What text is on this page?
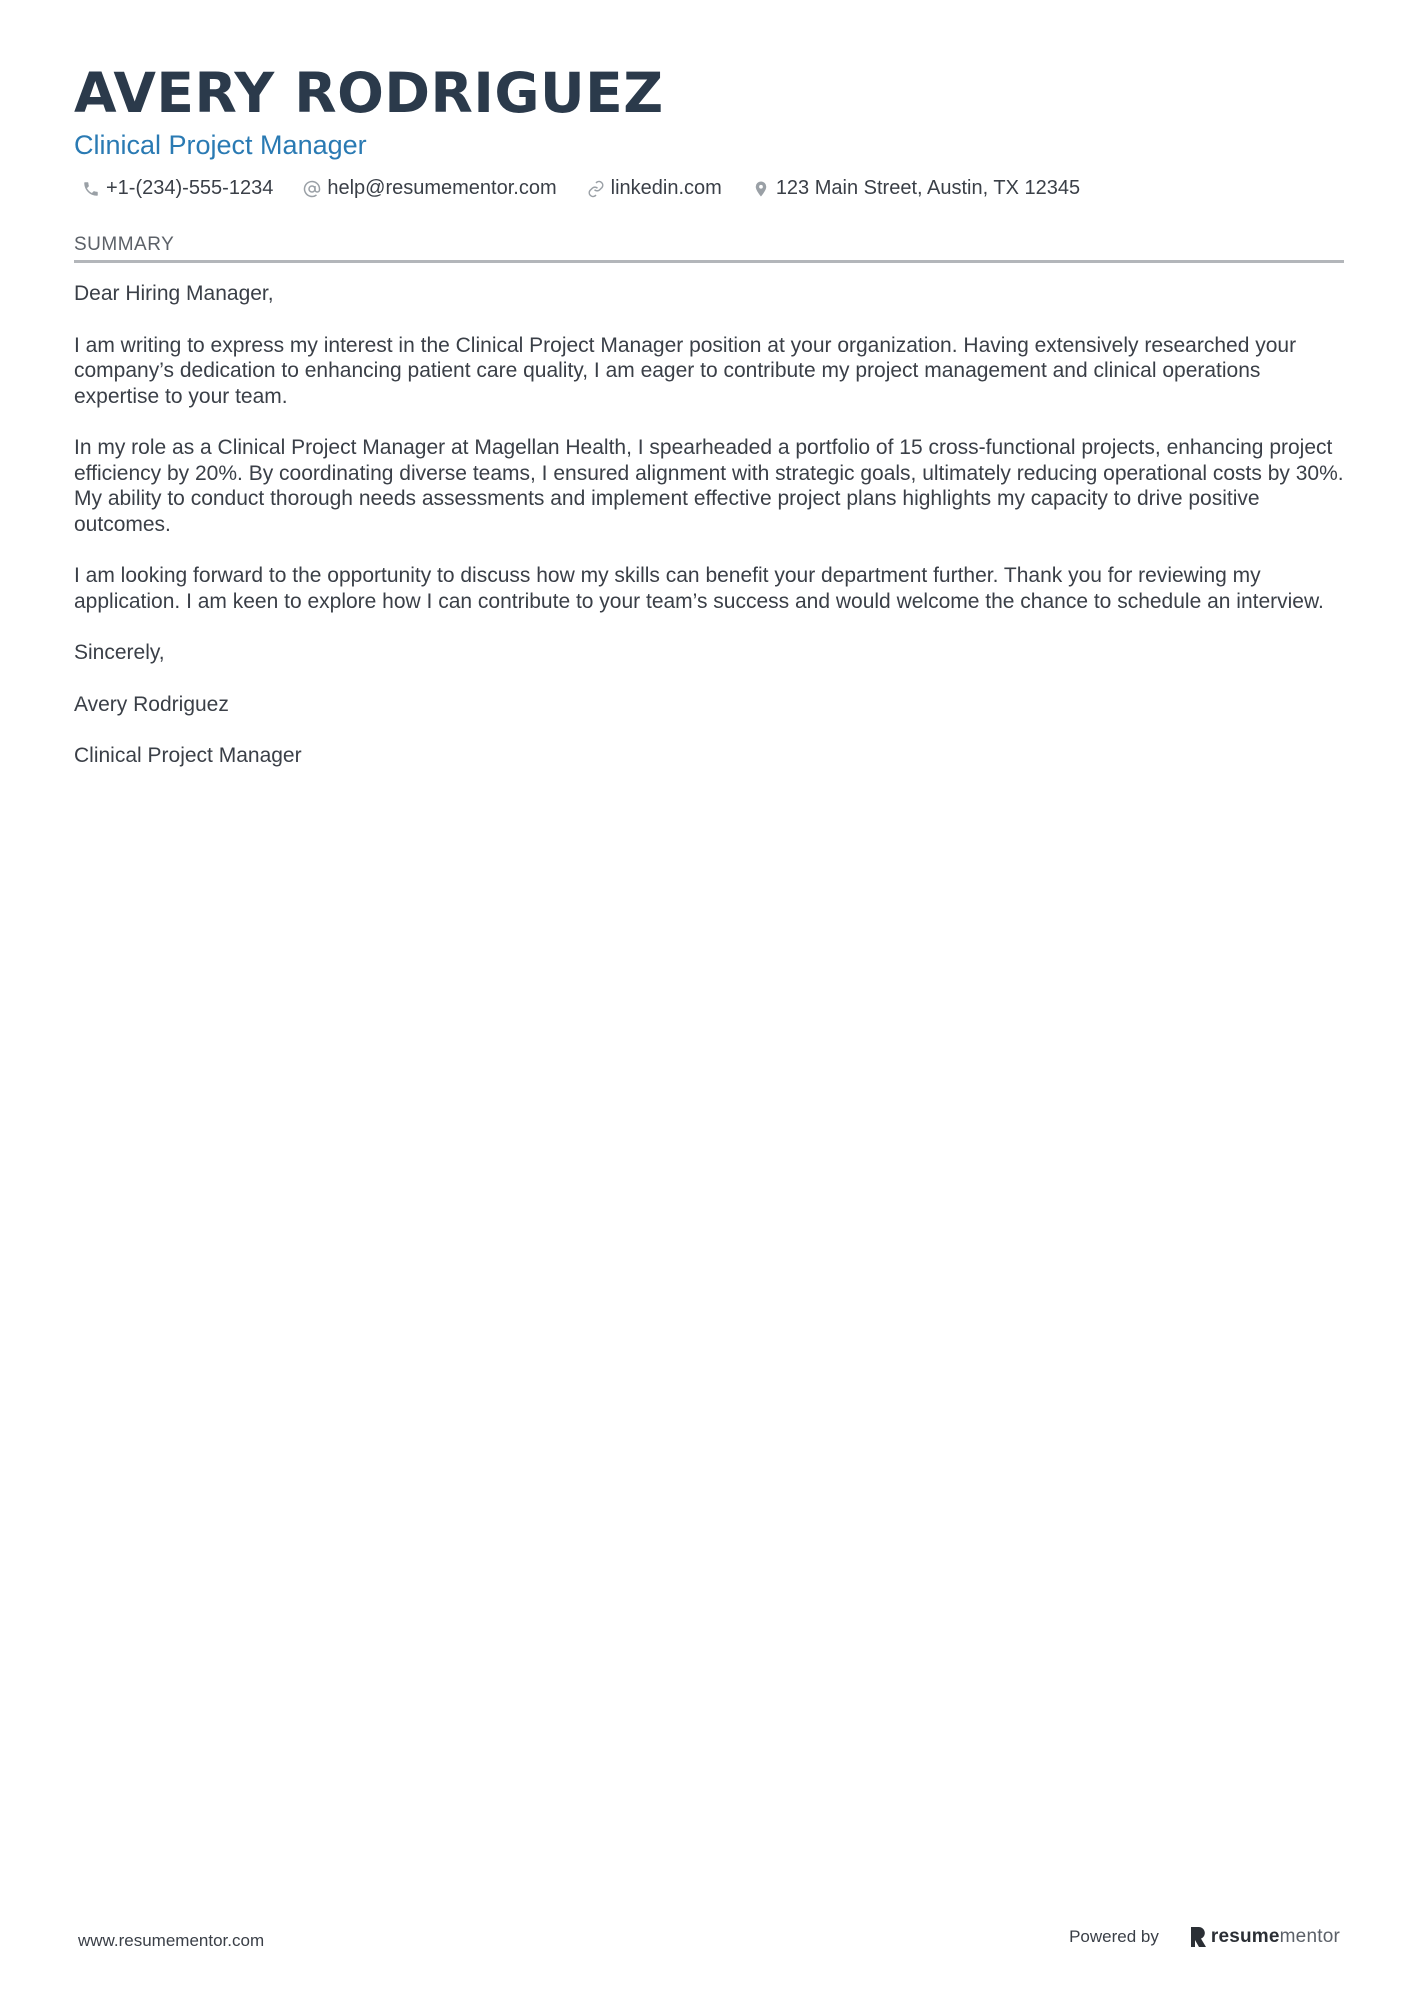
AVERY RODRIGUEZ
Clinical Project Manager
+1-(234)-555-1234	help@resumementor.com	linkedin.com	123 Main Street, Austin, TX 12345
SUMMARY

Dear Hiring Manager,

I am writing to express my interest in the Clinical Project Manager position at your organization. Having extensively researched your company’s dedication to enhancing patient care quality, I am eager to contribute my project management and clinical operations expertise to your team.

In my role as a Clinical Project Manager at Magellan Health, I spearheaded a portfolio of 15 cross-functional projects, enhancing project efficiency by 20%. By coordinating diverse teams, I ensured alignment with strategic goals, ultimately reducing operational costs by 30%. My ability to conduct thorough needs assessments and implement effective project plans highlights my capacity to drive positive outcomes.

I am looking forward to the opportunity to discuss how my skills can benefit your department further. Thank you for reviewing my application. I am keen to explore how I can contribute to your team’s success and would welcome the chance to schedule an interview.

Sincerely,

Avery Rodriguez

Clinical Project Manager

www.resumementor.com	Powered by	resumementor
